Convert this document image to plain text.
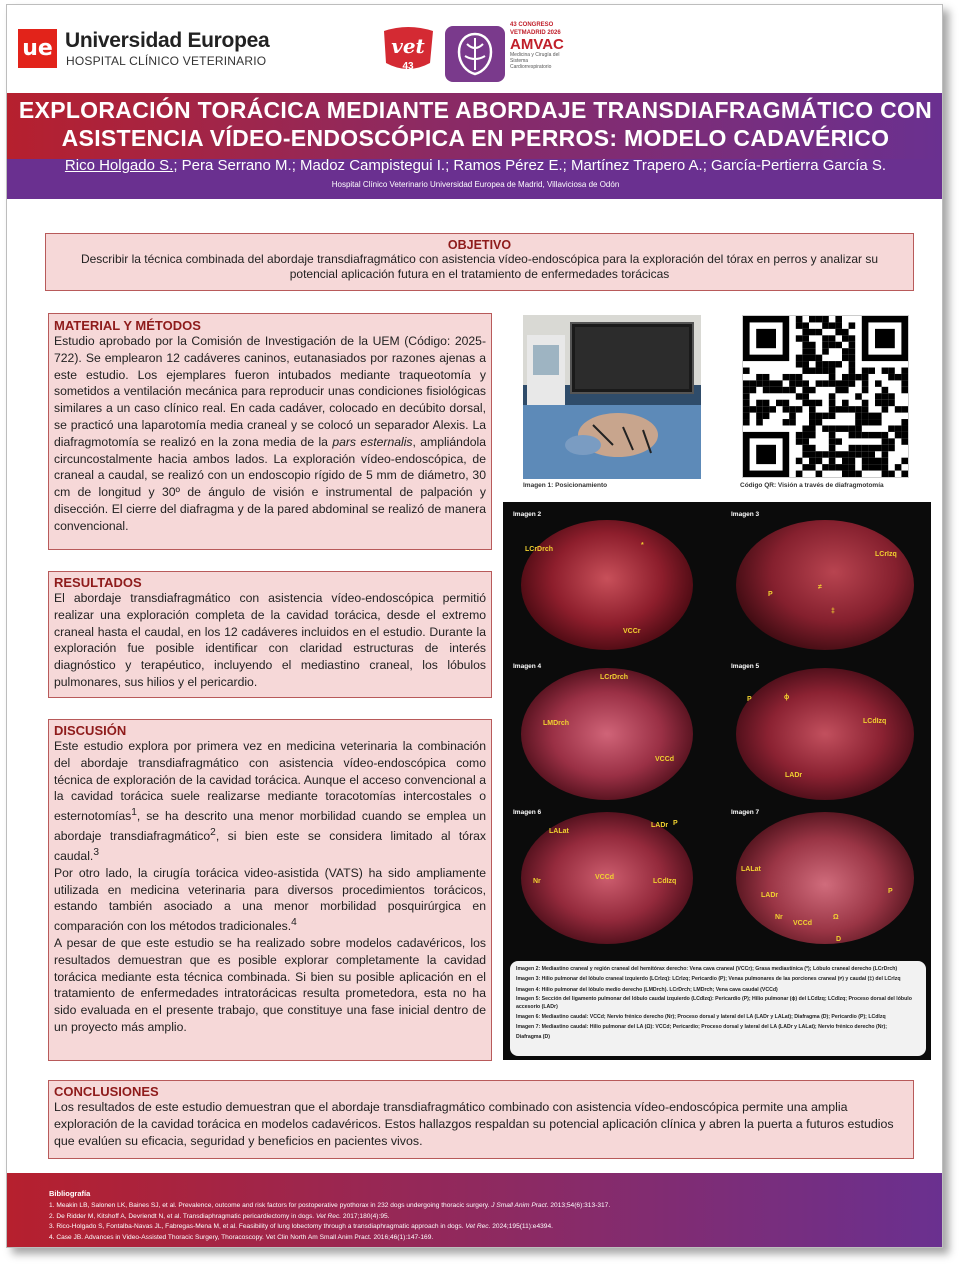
ue Universidad Europea
HOSPITAL CLÍNICO VETERINARIO
vet
43
43 CONGRESO
VETMADRID 2026
AMVAC
Medicina y Cirugía del Sistema Cardiorrespiratorio
EXPLORACIÓN TORÁCICA MEDIANTE ABORDAJE TRANSDIAFRAGMÁTICO CON ASISTENCIA VÍDEO-ENDOSCÓPICA EN PERROS: MODELO CADAVÉRICO
Rico Holgado S.; Pera Serrano M.; Madoz Campistegui I.; Ramos Pérez E.; Martínez Trapero A.; García-Pertierra García S.
Hospital Clínico Veterinario Universidad Europea de Madrid, Villaviciosa de Odón
OBJETIVO
Describir la técnica combinada del abordaje transdiafragmático con asistencia vídeo-endoscópica para la exploración del tórax en perros y analizar su potencial aplicación futura en el tratamiento de enfermedades torácicas
MATERIAL Y MÉTODOS
Estudio aprobado por la Comisión de Investigación de la UEM (Código: 2025-722). Se emplearon 12 cadáveres caninos, eutanasiados por razones ajenas a este estudio. Los ejemplares fueron intubados mediante traqueotomía y sometidos a ventilación mecánica para reproducir unas condiciones fisiológicas similares a un caso clínico real. En cada cadáver, colocado en decúbito dorsal, se practicó una laparotomía media craneal y se colocó un separador Alexis. La diafragmotomía se realizó en la zona media de la pars esternalis, ampliándola circuncostalmente hacia ambos lados. La exploración vídeo-endoscópica, de craneal a caudal, se realizó con un endoscopio rígido de 5 mm de diámetro, 30 cm de longitud y 30º de ángulo de visión e instrumental de palpación y disección. El cierre del diafragma y de la pared abdominal se realizó de manera convencional.
RESULTADOS
El abordaje transdiafragmático con asistencia vídeo-endoscópica permitió realizar una exploración completa de la cavidad torácica, desde el extremo craneal hasta el caudal, en los 12 cadáveres incluidos en el estudio. Durante la exploración fue posible identificar con claridad estructuras de interés diagnóstico y terapéutico, incluyendo el mediastino craneal, los lóbulos pulmonares, sus hilios y el pericardio.
DISCUSIÓN
Este estudio explora por primera vez en medicina veterinaria la combinación del abordaje transdiafragmático con asistencia vídeo-endoscópica como técnica de exploración de la cavidad torácica. Aunque el acceso convencional a la cavidad torácica suele realizarse mediante toracotomías intercostales o esternotomías$^1$, se ha descrito una menor morbilidad cuando se emplea un abordaje transdiafragmático$^2$, si bien este se considera limitado al tórax caudal.$^3$
Por otro lado, la cirugía torácica video-asistida (VATS) ha sido ampliamente utilizada en medicina veterinaria para diversos procedimientos torácicos, estando también asociado a una menor morbilidad posquirúrgica en comparación con los métodos tradicionales.$^4$
A pesar de que este estudio se ha realizado sobre modelos cadavéricos, los resultados demuestran que es posible explorar completamente la cavidad torácica mediante esta técnica combinada. Si bien su posible aplicación en el tratamiento de enfermedades intratorácicas resulta prometedora, esta no ha sido evaluada en el presente trabajo, que constituye una fase inicial dentro de un proyecto más amplio.
Imagen 1: Posicionamiento	Código QR: Visión a través de diafragmotomía
Imagen 2
LCrDrch
*
VCCr
Imagen 3
LCrIzq
P
≠
‡
Imagen 4
LCrDrch
LMDrch
VCCd
Imagen 5
P	ϕ
LCdIzq
LADr
Imagen 6
LALat
LADr P
Nr
VCCd
LCdIzq
Imagen 7
LALat
LADr
Nr
VCCd
Ω
P
D
Imagen 2: Mediastino craneal y región craneal del hemitórax derecho: Vena cava craneal (VCCr); Grasa mediastínica (*); Lóbulo craneal derecho (LCrDrch)
Imagen 3: Hilio pulmonar del lóbulo craneal izquierdo (LCrIzq): LCrIzq; Pericardio (P); Venas pulmonares de las porciones craneal (≠) y caudal (‡) del LCrIzq
Imagen 4: Hilio pulmonar del lóbulo medio derecho (LMDrch). LCrDrch; LMDrch; Vena cava caudal (VCCd)
Imagen 5: Sección del ligamento pulmonar del lóbulo caudal izquierdo (LCdIzq): Pericardio (P); Hilio pulmonar (ϕ) del LCdIzq; LCdIzq; Proceso dorsal del lóbulo accesorio (LADr)
Imagen 6: Mediastino caudal: VCCd; Nervio frénico derecho (Nr); Proceso dorsal y lateral del LA (LADr y LALat); Diafragma (D); Pericardio (P); LCdIzq
Imagen 7: Mediastino caudal: Hilio pulmonar del LA (Ω): VCCd; Pericardio; Proceso dorsal y lateral del LA (LADr y LALat); Nervio frénico derecho (Nr);
Diafragma (D)
CONCLUSIONES
Los resultados de este estudio demuestran que el abordaje transdiafragmático combinado con asistencia vídeo-endoscópica permite una amplia exploración de la cavidad torácica en modelos cadavéricos. Estos hallazgos respaldan su potencial aplicación clínica y abren la puerta a futuros estudios que evalúen su eficacia, seguridad y beneficios en pacientes vivos.
Bibliografía
1. Meakin LB, Salonen LK, Baines SJ, et al. Prevalence, outcome and risk factors for postoperative pyothorax in 232 dogs undergoing thoracic surgery. J Small Anim Pract. 2013;54(6):313-317.
2. De Ridder M, Kitshoff A, Devriendt N, et al. Transdiaphragmatic pericardiectomy in dogs. Vet Rec. 2017;180(4):95.
3. Rico-Holgado S, Fontalba-Navas JL, Fabregas-Mena M, et al. Feasibility of lung lobectomy through a transdiaphragmatic approach in dogs. Vet Rec. 2024;195(11):e4394.
4. Case JB. Advances in Video-Assisted Thoracic Surgery, Thoracoscopy. Vet Clin North Am Small Anim Pract. 2016;46(1):147-169.
